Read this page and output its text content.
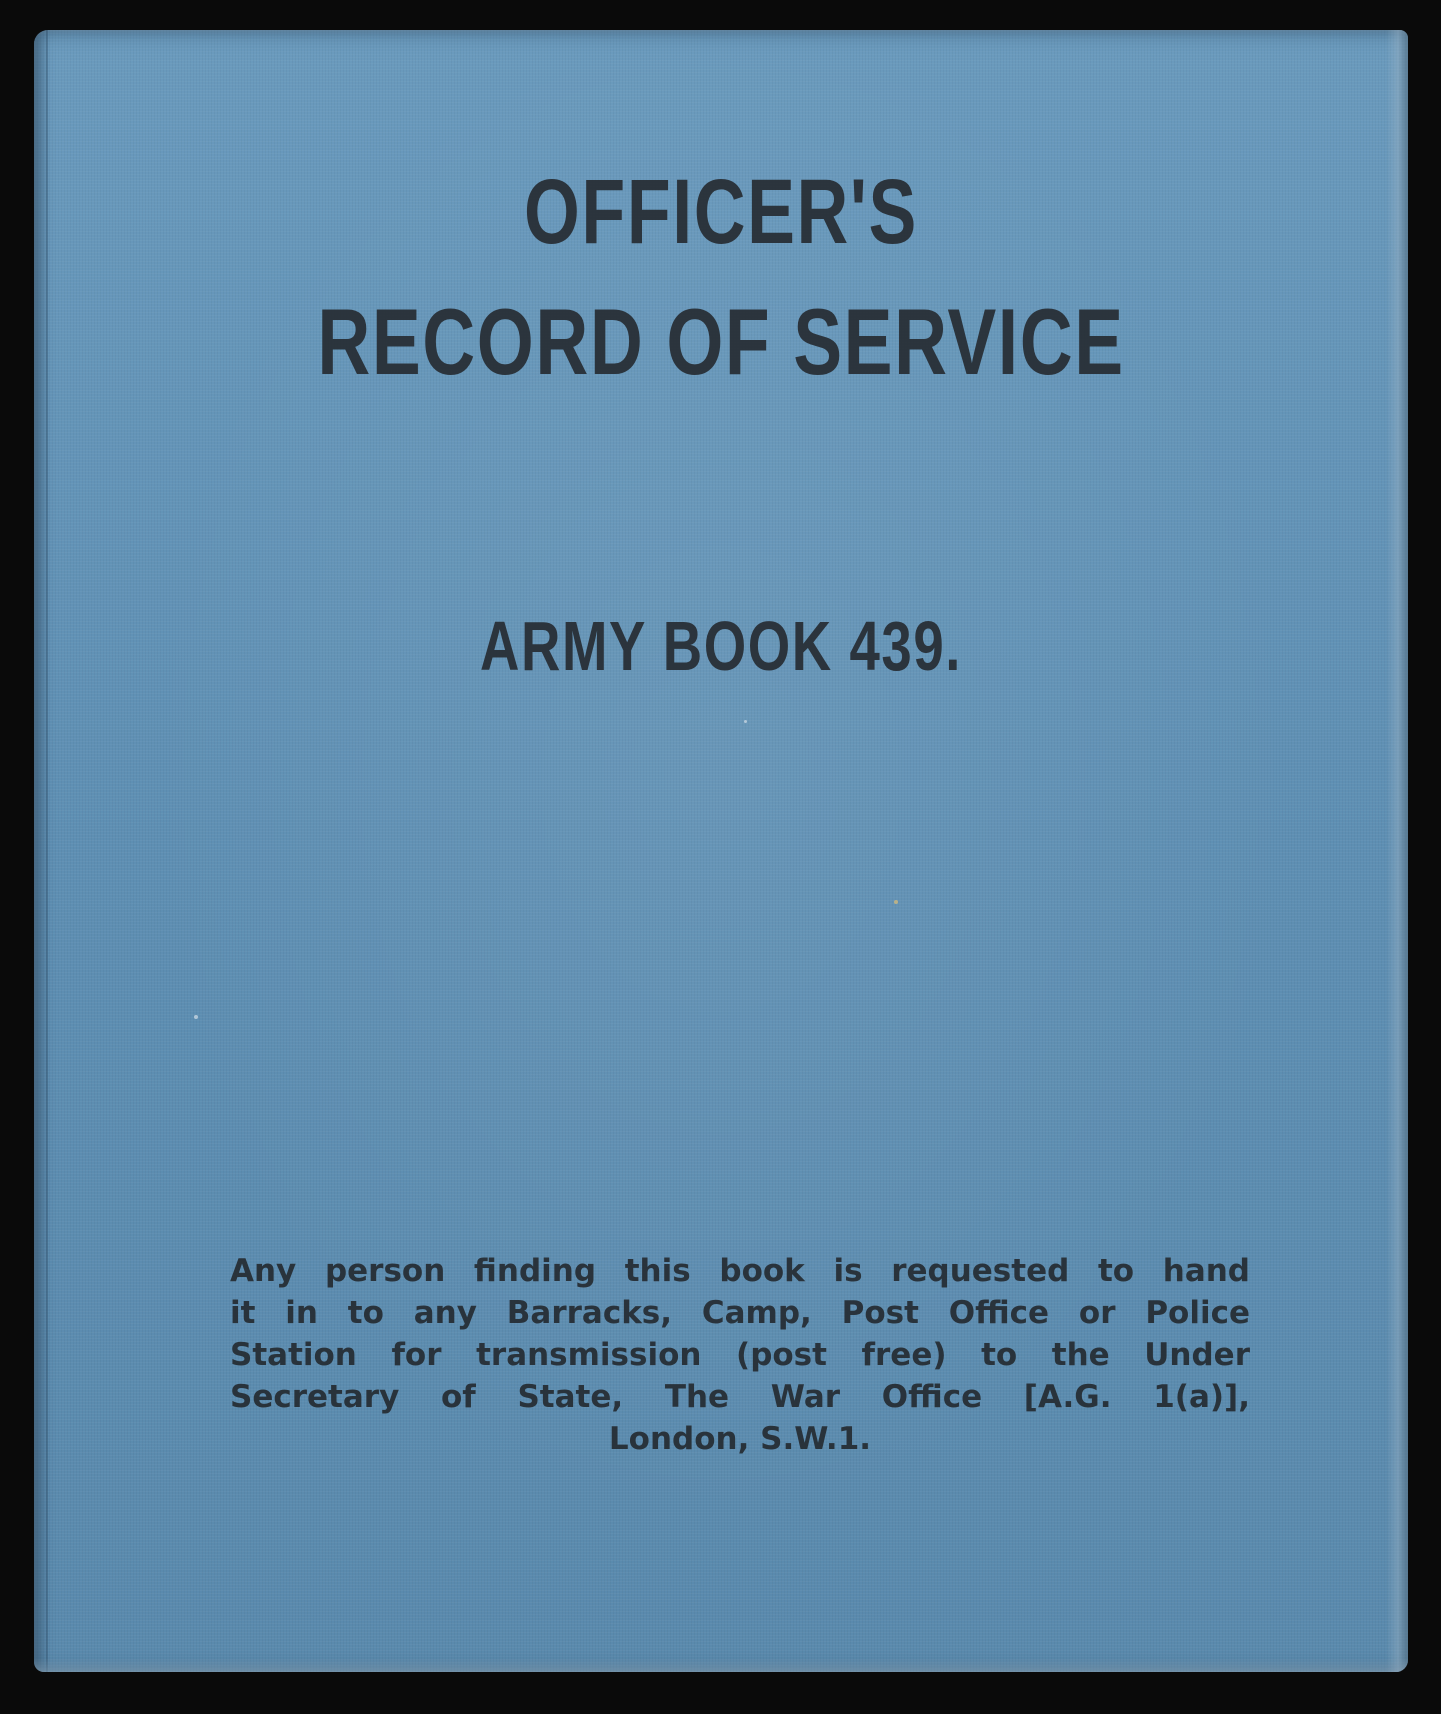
OFFICER'S
RECORD OF SERVICE
ARMY BOOK 439.
Any person finding this book is requested to hand
it in to any Barracks, Camp, Post Office or Police
Station for transmission (post free) to the Under
Secretary of State, The War Office [A.G. 1(a)],
London, S.W.1.
